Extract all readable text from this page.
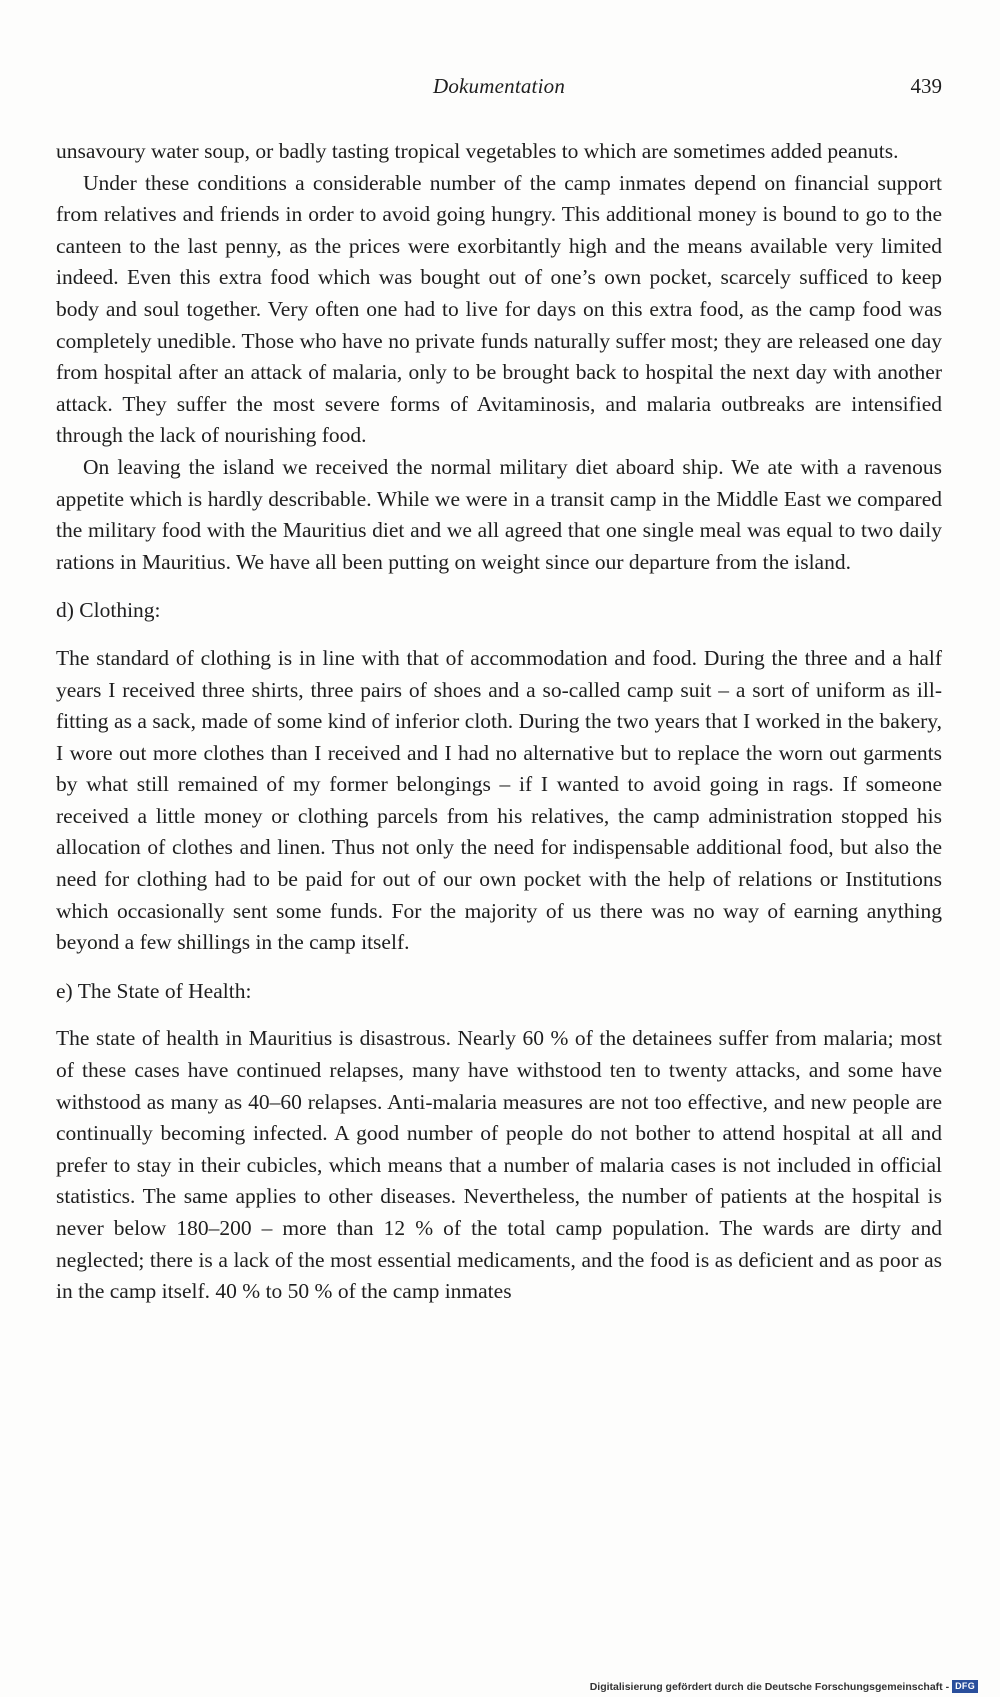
Dokumentation	439

unsavoury water soup, or badly tasting tropical vegetables to which are sometimes added peanuts.

Under these conditions a considerable number of the camp inmates depend on financial support from relatives and friends in order to avoid going hungry. This additional money is bound to go to the canteen to the last penny, as the prices were exorbitantly high and the means available very limited indeed. Even this extra food which was bought out of one’s own pocket, scarcely sufficed to keep body and soul together. Very often one had to live for days on this extra food, as the camp food was completely unedible. Those who have no private funds naturally suffer most; they are released one day from hospital after an attack of malaria, only to be brought back to hospital the next day with another attack. They suffer the most severe forms of Avitaminosis, and malaria outbreaks are intensified through the lack of nourishing food.

On leaving the island we received the normal military diet aboard ship. We ate with a ravenous appetite which is hardly describable. While we were in a transit camp in the Middle East we compared the military food with the Mauritius diet and we all agreed that one single meal was equal to two daily rations in Mauritius. We have all been putting on weight since our departure from the island.

d) Clothing:

The standard of clothing is in line with that of accommodation and food. During the three and a half years I received three shirts, three pairs of shoes and a so-called camp suit – a sort of uniform as ill-fitting as a sack, made of some kind of inferior cloth. During the two years that I worked in the bakery, I wore out more clothes than I received and I had no alternative but to replace the worn out garments by what still remained of my former belongings – if I wanted to avoid going in rags. If someone received a little money or clothing parcels from his relatives, the camp administration stopped his allocation of clothes and linen. Thus not only the need for indispensable additional food, but also the need for clothing had to be paid for out of our own pocket with the help of relations or Institutions which occasionally sent some funds. For the majority of us there was no way of earning anything beyond a few shillings in the camp itself.

e) The State of Health:

The state of health in Mauritius is disastrous. Nearly 60 % of the detainees suffer from malaria; most of these cases have continued relapses, many have withstood ten to twenty attacks, and some have withstood as many as 40–60 relapses. Anti-malaria measures are not too effective, and new people are continually becoming infected. A good number of people do not bother to attend hospital at all and prefer to stay in their cubicles, which means that a number of malaria cases is not included in official statistics. The same applies to other diseases. Nevertheless, the number of patients at the hospital is never below 180–200 – more than 12 % of the total camp population. The wards are dirty and neglected; there is a lack of the most essential medicaments, and the food is as deficient and as poor as in the camp itself. 40 % to 50 % of the camp inmates

Digitalisierung gefördert durch die Deutsche Forschungsgemeinschaft - DFG
